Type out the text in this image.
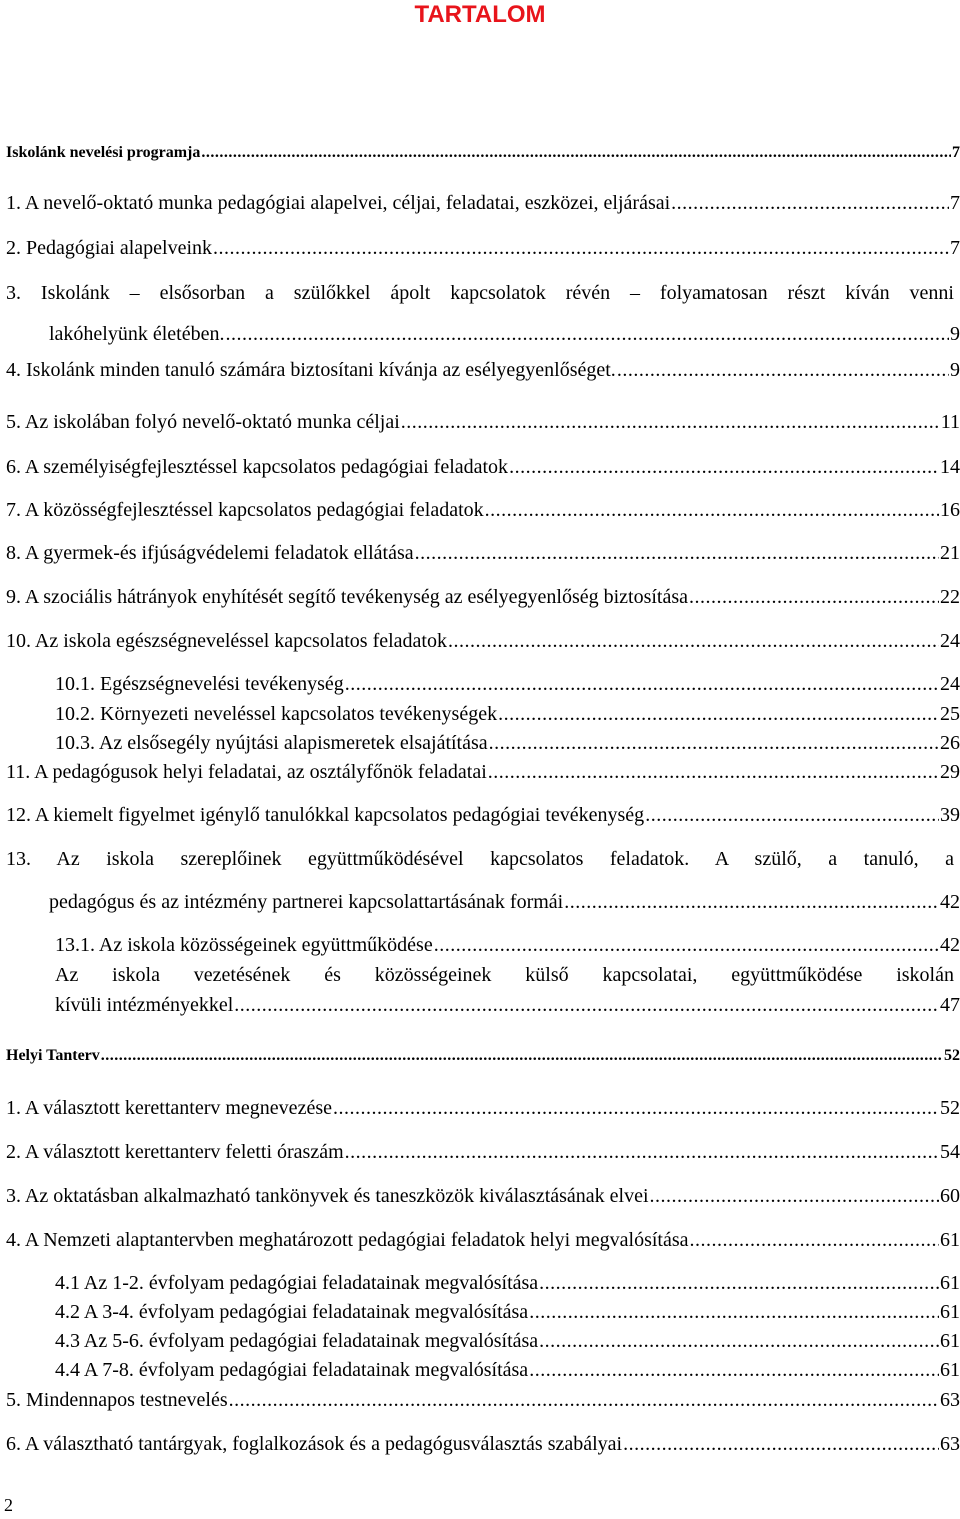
TARTALOM
Iskolánk nevelési programja .....	7
1. A nevelő-oktató munka pedagógiai alapelvei, céljai, feladatai, eszközei, eljárásai .....	7
2. Pedagógiai alapelveink .....	7
3. Iskolánk – elsősorban a szülőkkel ápolt kapcsolatok révén – folyamatosan részt kíván venni
lakóhelyünk életében. .....	9
4. Iskolánk minden tanuló számára biztosítani kívánja az esélyegyenlőséget. .....	9
5. Az iskolában folyó nevelő-oktató munka céljai .....	11
6. A személyiségfejlesztéssel kapcsolatos pedagógiai feladatok .....	14
7. A közösségfejlesztéssel kapcsolatos pedagógiai feladatok .....	16
8. A gyermek-és ifjúságvédelemi feladatok ellátása .....	21
9. A szociális hátrányok enyhítését segítő tevékenység az esélyegyenlőség biztosítása .....	22
10. Az iskola egészségneveléssel kapcsolatos feladatok .....	24
10.1. Egészségnevelési tevékenység .....	24
10.2. Környezeti neveléssel kapcsolatos tevékenységek .....	25
10.3. Az elsősegély nyújtási alapismeretek elsajátítása .....	26
11. A pedagógusok helyi feladatai, az osztályfőnök feladatai .....	29
12. A kiemelt figyelmet igénylő tanulókkal kapcsolatos pedagógiai tevékenység .....	39
13. Az iskola szereplőinek együttműködésével kapcsolatos feladatok. A szülő, a tanuló, a
pedagógus és az intézmény partnerei kapcsolattartásának formái .....	42
13.1. Az iskola közösségeinek együttműködése .....	42
Az iskola vezetésének és közösségeinek külső kapcsolatai, együttműködése iskolán
kívüli intézményekkel .....	47
Helyi Tanterv .....	52
1. A választott kerettanterv megnevezése .....	52
2. A választott kerettanterv feletti óraszám .....	54
3. Az oktatásban alkalmazható tankönyvek és taneszközök kiválasztásának elvei .....	60
4. A Nemzeti alaptantervben meghatározott pedagógiai feladatok helyi megvalósítása .....	61
4.1 Az 1-2. évfolyam pedagógiai feladatainak megvalósítása .....	61
4.2 A 3-4. évfolyam pedagógiai feladatainak megvalósítása .....	61
4.3 Az 5-6. évfolyam pedagógiai feladatainak megvalósítása .....	61
4.4 A 7-8. évfolyam pedagógiai feladatainak megvalósítása .....	61
5. Mindennapos testnevelés .....	63
6. A választható tantárgyak, foglalkozások és a pedagógusválasztás szabályai .....	63
2
